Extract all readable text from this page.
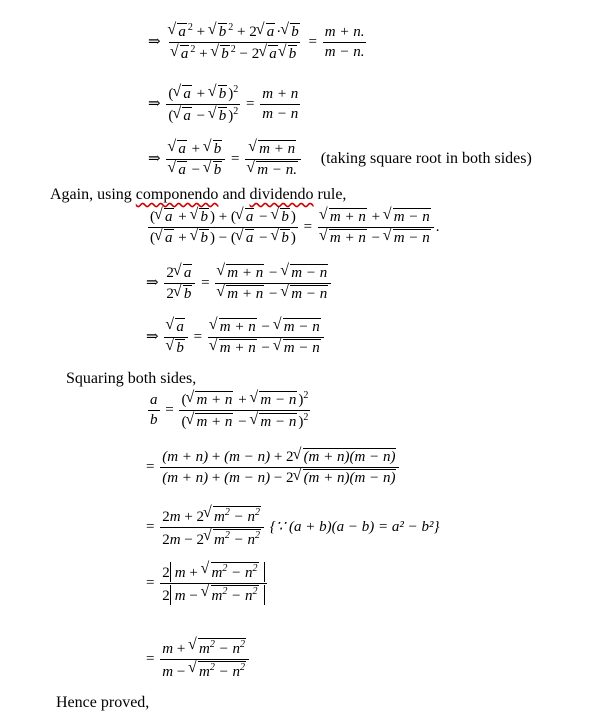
⇒ √ a $^2$ + √ b $^2$ + 2 √ a · √ b
√ a $^2$ + √ b $^2$ − 2 √ a √ $b = \frac{m + n.}{m - n.}$
⇒ $\frac{( √ a + √ b )^2}{( √ a - √ b )^2} = \frac{m + n}{m - n}$
⇒ √ a + √ b
√ a − √ b = √ m + n
√ m − n. (taking square root in both sides)
Again, using componendo and dividendo rule,
$\frac{( √ a + √ b ) + ( √ a - √ b )}{( √ a + √ b ) - ( √ a - √ b )}$ = √ m + n + √ m − n
√ m + n − √ m − n .
⇒ $\frac{2 √ a}{2 √ b}$ = √ m + n − √ m − n
√ m + n − √ m − n
⇒ √ a
√ b = √ m + n − √ m − n
√ m + n − √ m − n
Squaring both sides,
$\frac{a}{b} = \frac{( √ m + n + √ m - n )^2}{( √ m + n - √ m - n )^2}$
= $\frac{(m + n) + (m - n) + 2 √ (m + n)(m - n)}{(m + n) + (m - n) - 2 √ (m + n)(m - n)}$
= $\frac{2m + 2 √ m^2 - n^2}{2m - 2 √ m^2 - n^2}$ {∵ (a + b)(a − b) = a² − b²}
= $\frac{2 m + √ m^2 - n^2}{2 m - √ m^2 - n^2}$
= $\frac{m + √ m^2 - n^2}{m - √ m^2 - n^2}$
Hence proved,
